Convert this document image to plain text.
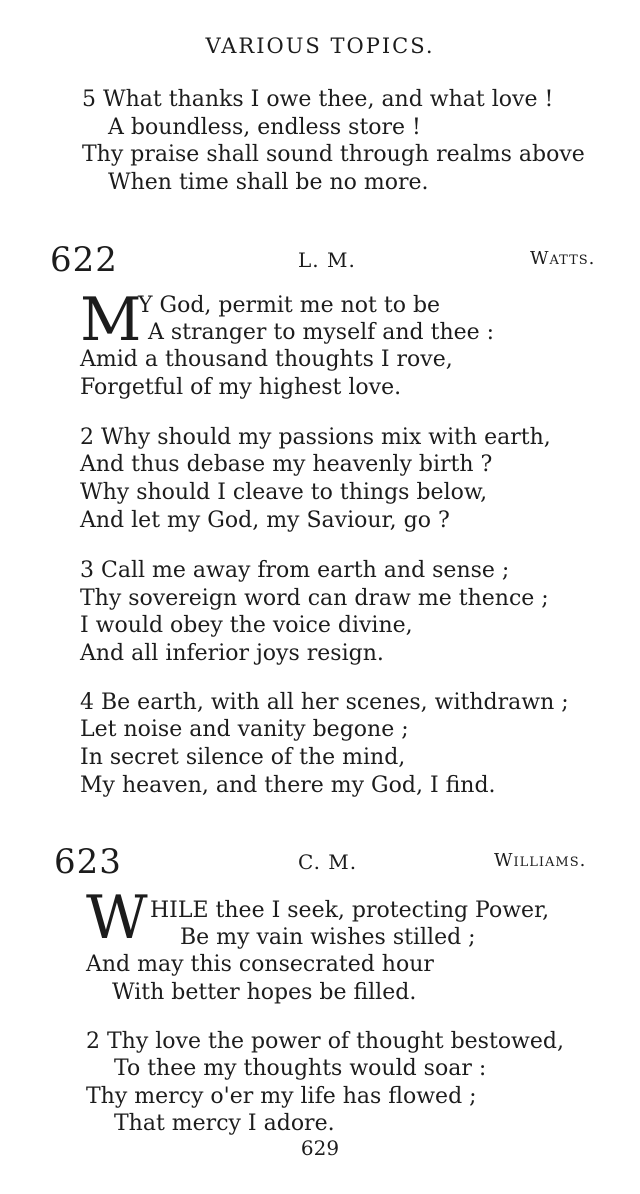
VARIOUS TOPICS.
5 What thanks I owe thee, and what love !
A boundless, endless store !
Thy praise shall sound through realms above
When time shall be no more.
622	L. M.	Watts.
M
Y God, permit me not to be
A stranger to myself and thee :
Amid a thousand thoughts I rove,
Forgetful of my highest love.
2 Why should my passions mix with earth,
And thus debase my heavenly birth ?
Why should I cleave to things below,
And let my God, my Saviour, go ?
3 Call me away from earth and sense ;
Thy sovereign word can draw me thence ;
I would obey the voice divine,
And all inferior joys resign.
4 Be earth, with all her scenes, withdrawn ;
Let noise and vanity begone ;
In secret silence of the mind,
My heaven, and there my God, I find.
623	C. M.	Williams.
W HILE thee I seek, protecting Power,
Be my vain wishes stilled ;
And may this consecrated hour
With better hopes be filled.
2 Thy love the power of thought bestowed,
To thee my thoughts would soar :
Thy mercy o'er my life has flowed ;
That mercy I adore.
629
